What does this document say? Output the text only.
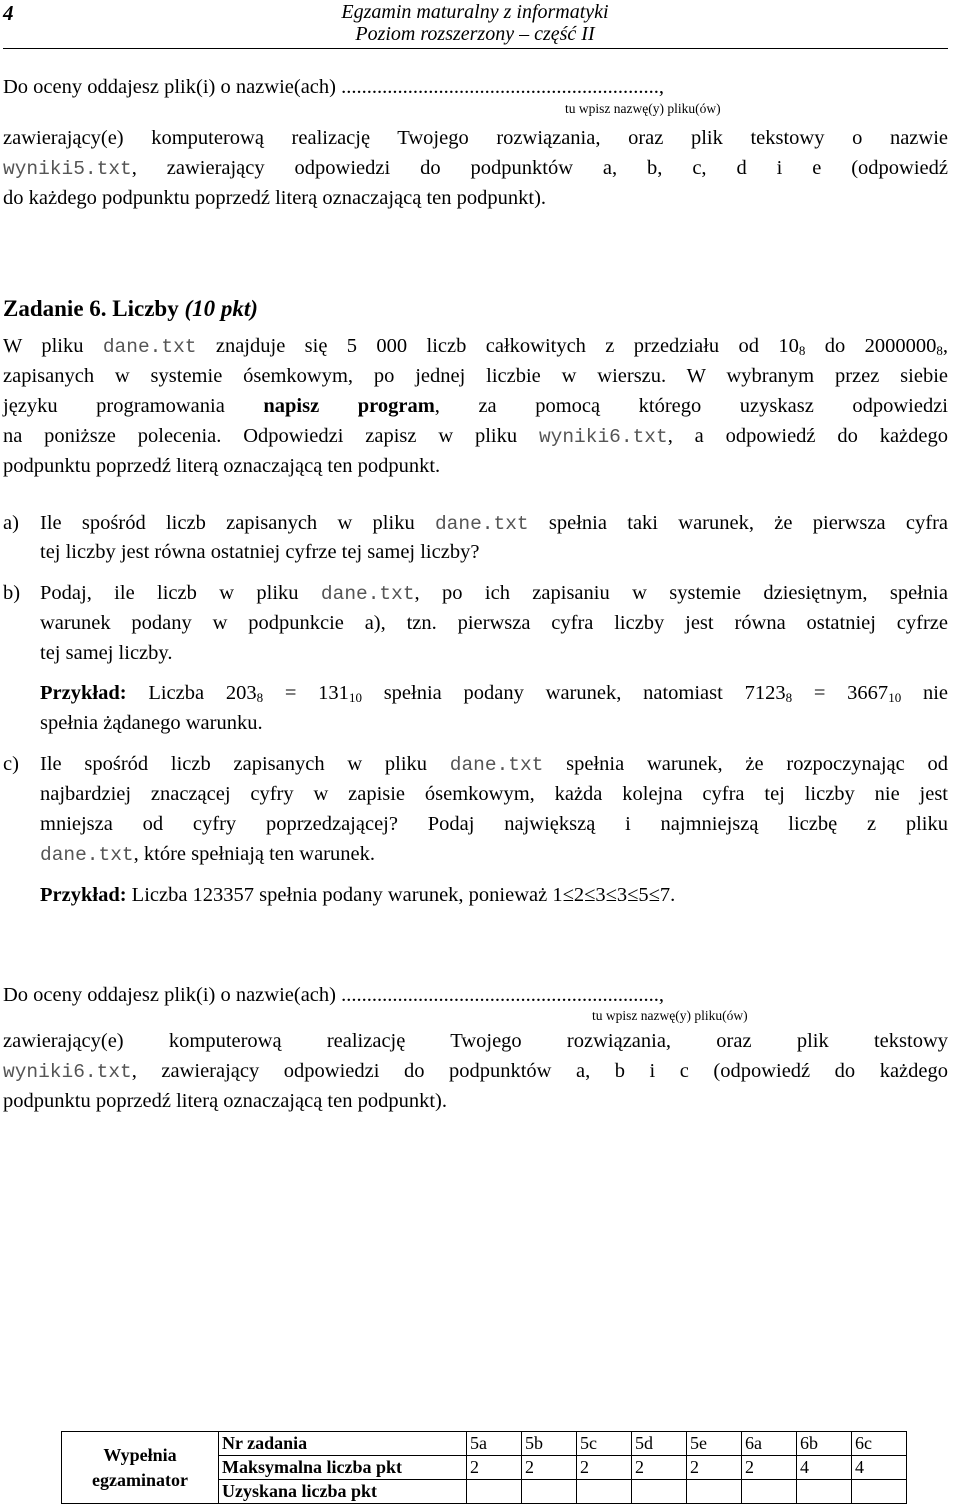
4	Egzamin maturalny z informatyki
Poziom rozszerzony – część II
Do oceny oddajesz plik(i) o nazwie(ach) ..............................................................,
tu wpisz nazwę(y) pliku(ów)
zawierający(e) komputerową realizację Twojego rozwiązania, oraz plik tekstowy o nazwie
wyniki5.txt, zawierający odpowiedzi do podpunktów a, b, c, d i e (odpowiedź
do każdego podpunktu poprzedź literą oznaczającą ten podpunkt).
Zadanie 6. Liczby (10 pkt)
W pliku dane.txt znajduje się 5 000 liczb całkowitych z przedziału od $10_8$ do $2000000_8$,
zapisanych w systemie ósemkowym, po jednej liczbie w wierszu. W wybranym przez siebie
języku programowania napisz program, za pomocą którego uzyskasz odpowiedzi
na poniższe polecenia. Odpowiedzi zapisz w pliku wyniki6.txt, a odpowiedź do każdego
podpunktu poprzedź literą oznaczającą ten podpunkt.
a) Ile spośród liczb zapisanych w pliku dane.txt spełnia taki warunek, że pierwsza cyfra
tej liczby jest równa ostatniej cyfrze tej samej liczby?
b) Podaj, ile liczb w pliku dane.txt, po ich zapisaniu w systemie dziesiętnym, spełnia
warunek podany w podpunkcie a), tzn. pierwsza cyfra liczby jest równa ostatniej cyfrze
tej samej liczby.
Przykład: Liczba $203_8 = 131_{10}$ spełnia podany warunek, natomiast $7123_8 = 3667_{10}$ nie
spełnia żądanego warunku.
c) Ile spośród liczb zapisanych w pliku dane.txt spełnia warunek, że rozpoczynając od
najbardziej znaczącej cyfry w zapisie ósemkowym, każda kolejna cyfra tej liczby nie jest
mniejsza od cyfry poprzedzającej? Podaj największą i najmniejszą liczbę z pliku
dane.txt, które spełniają ten warunek.
Przykład: Liczba 123357 spełnia podany warunek, ponieważ 1≤2≤3≤3≤5≤7.
Do oceny oddajesz plik(i) o nazwie(ach) ..............................................................,
tu wpisz nazwę(y) pliku(ów)
zawierający(e) komputerową realizację Twojego rozwiązania, oraz plik tekstowy
wyniki6.txt, zawierający odpowiedzi do podpunktów a, b i c (odpowiedź do każdego
podpunktu poprzedź literą oznaczającą ten podpunkt).
Wypełnia
egzaminator	Nr zadania	5a	5b	5c	5d	5e	6a	6b	6c
	Maksymalna liczba pkt	2	2	2	2	2	2	4	4
	Uzyskana liczba pkt								
